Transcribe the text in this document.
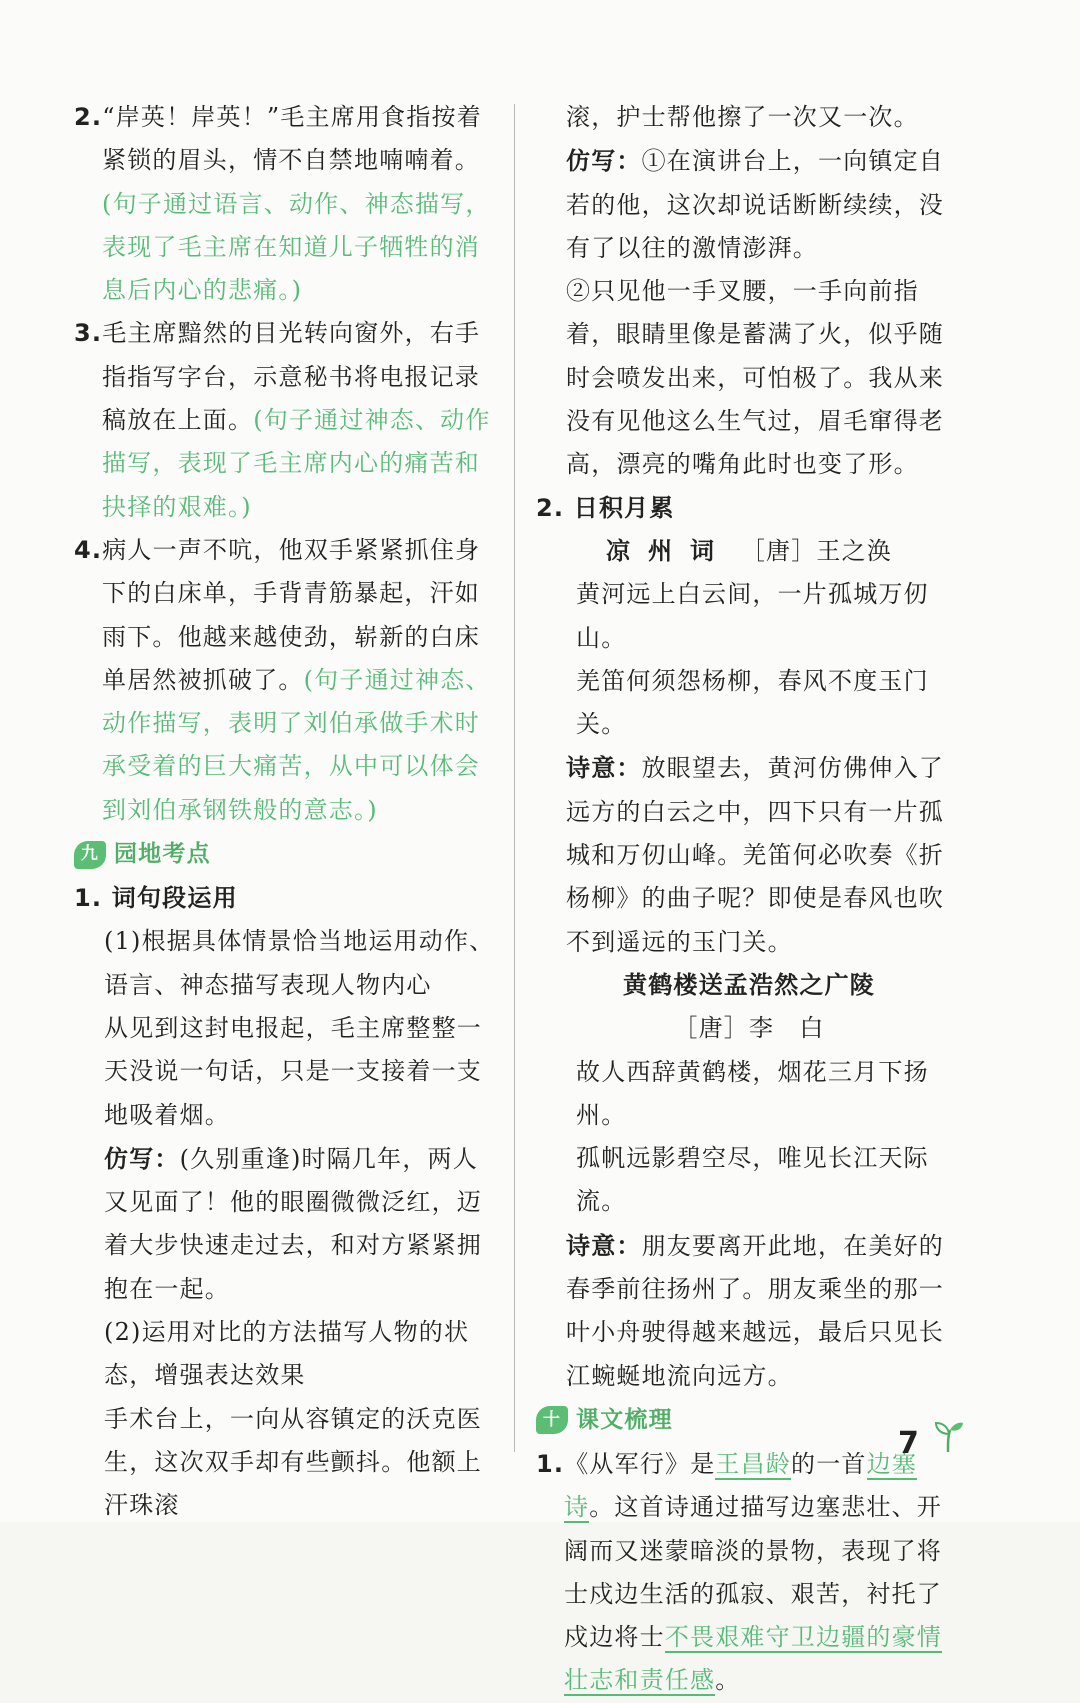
2.“岸英！岸英！”毛主席用食指按着紧锁的眉头，情不自禁地喃喃着。(句子通过语言、动作、神态描写，表现了毛主席在知道儿子牺牲的消息后内心的悲痛。)

3.毛主席黯然的目光转向窗外，右手指指写字台，示意秘书将电报记录稿放在上面。(句子通过神态、动作描写，表现了毛主席内心的痛苦和抉择的艰难。)

4.病人一声不吭，他双手紧紧抓住身下的白床单，手背青筋暴起，汗如雨下。他越来越使劲，崭新的白床单居然被抓破了。(句子通过神态、动作描写，表明了刘伯承做手术时承受着的巨大痛苦，从中可以体会到刘伯承钢铁般的意志。)

九 园地考点

1. 词句段运用

(1)根据具体情景恰当地运用动作、语言、神态描写表现人物内心

从见到这封电报起，毛主席整整一天没说一句话，只是一支接着一支地吸着烟。

仿写：(久别重逢)时隔几年，两人又见面了！他的眼圈微微泛红，迈着大步快速走过去，和对方紧紧拥抱在一起。

(2)运用对比的方法描写人物的状态，增强表达效果

手术台上，一向从容镇定的沃克医生，这次双手却有些颤抖。他额上汗珠滚

滚，护士帮他擦了一次又一次。

仿写：①在演讲台上，一向镇定自若的他，这次却说话断断续续，没有了以往的激情澎湃。

②只见他一手叉腰，一手向前指着，眼睛里像是蓄满了火，似乎随时会喷发出来，可怕极了。我从来没有见他这么生气过，眉毛窜得老高，漂亮的嘴角此时也变了形。

2. 日积月累

凉州词 ［唐］王之涣

黄河远上白云间，一片孤城万仞山。

羌笛何须怨杨柳，春风不度玉门关。

诗意：放眼望去，黄河仿佛伸入了远方的白云之中，四下只有一片孤城和万仞山峰。羌笛何必吹奏《折杨柳》的曲子呢？即使是春风也吹不到遥远的玉门关。

黄鹤楼送孟浩然之广陵

［唐］李　白

故人西辞黄鹤楼，烟花三月下扬州。

孤帆远影碧空尽，唯见长江天际流。

诗意：朋友要离开此地，在美好的春季前往扬州了。朋友乘坐的那一叶小舟驶得越来越远，最后只见长江蜿蜒地流向远方。

十 课文梳理

1.《从军行》是王昌龄的一首边塞诗。这首诗通过描写边塞悲壮、开阔而又迷蒙暗淡的景物，表现了将士戍边生活的孤寂、艰苦，衬托了戍边将士不畏艰难守卫边疆的豪情壮志和责任感。

7
